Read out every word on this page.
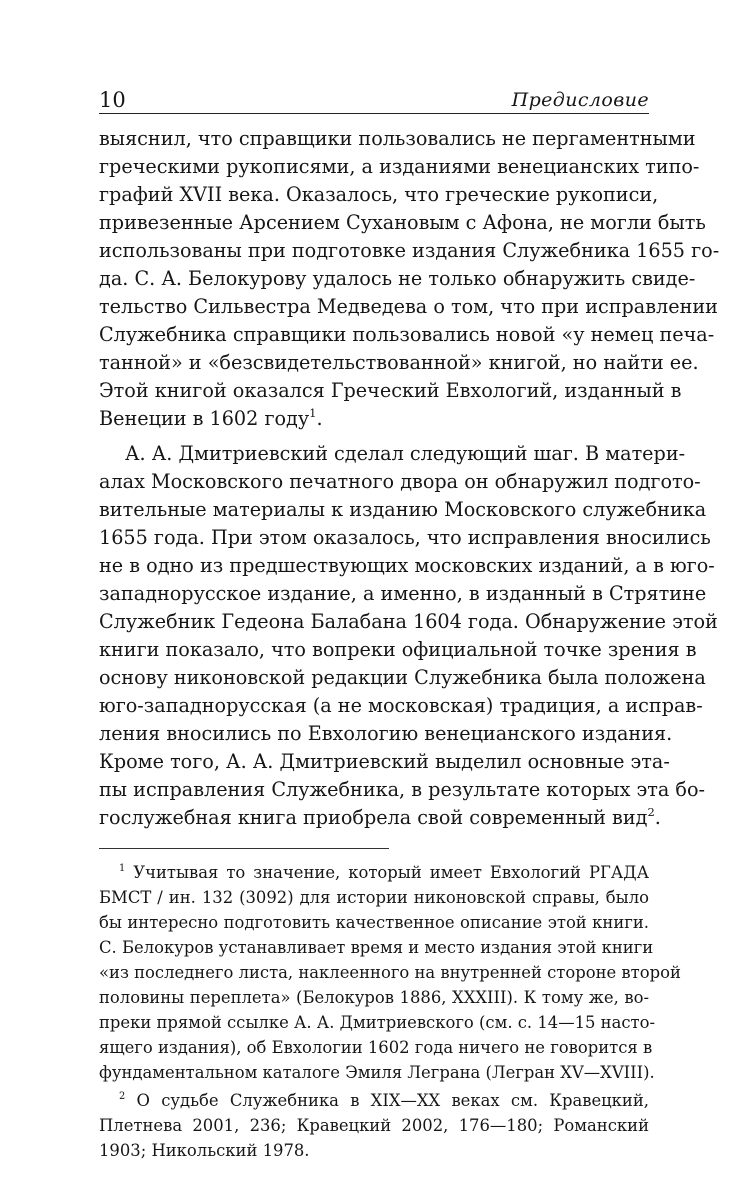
10	Предисловие
выяснил, что справщики пользовались не пергаментными
греческими рукописями, а изданиями венецианских типо-
графий XVII века. Оказалось, что греческие рукописи,
привезенные Арсением Сухановым с Афона, не могли быть
использованы при подготовке издания Служебника 1655 го-
да. С. А. Белокурову удалось не только обнаружить свиде-
тельство Сильвестра Медведева о том, что при исправлении
Служебника справщики пользовались новой «у немец печа-
танной» и «безсвидетельствованной» книгой, но найти ее.
Этой книгой оказался Греческий Евхологий, изданный в
Венеции в 1602 году$^1$.
А. А. Дмитриевский сделал следующий шаг. В матери-
алах Московского печатного двора он обнаружил подгото-
вительные материалы к изданию Московского служебника
1655 года. При этом оказалось, что исправления вносились
не в одно из предшествующих московских изданий, а в юго-
западнорусское издание, а именно, в изданный в Стрятине
Служебник Гедеона Балабана 1604 года. Обнаружение этой
книги показало, что вопреки официальной точке зрения в
основу никоновской редакции Служебника была положена
юго-западнорусская (а не московская) традиция, а исправ-
ления вносились по Евхологию венецианского издания.
Кроме того, А. А. Дмитриевский выделил основные эта-
пы исправления Служебника, в результате которых эта бо-
гослужебная книга приобрела свой современный вид$^2$.
$^1$ Учитывая то значение, который имеет Евхологий РГАДА
БМСТ / ин. 132 (3092) для истории никоновской справы, было
бы интересно подготовить качественное описание этой книги.
С. Белокуров устанавливает время и место издания этой книги
«из последнего листа, наклеенного на внутренней стороне второй
половины переплета» (Белокуров 1886, XXXIII). К тому же, во-
преки прямой ссылке А. А. Дмитриевского (см. с. 14—15 насто-
ящего издания), об Евхологии 1602 года ничего не говорится в
фундаментальном каталоге Эмиля Леграна (Легран XV—XVIII).
$^2$ О судьбе Служебника в XIX—XX веках см. Кравецкий,
Плетнева 2001, 236; Кравецкий 2002, 176—180; Романский
1903; Никольский 1978.
